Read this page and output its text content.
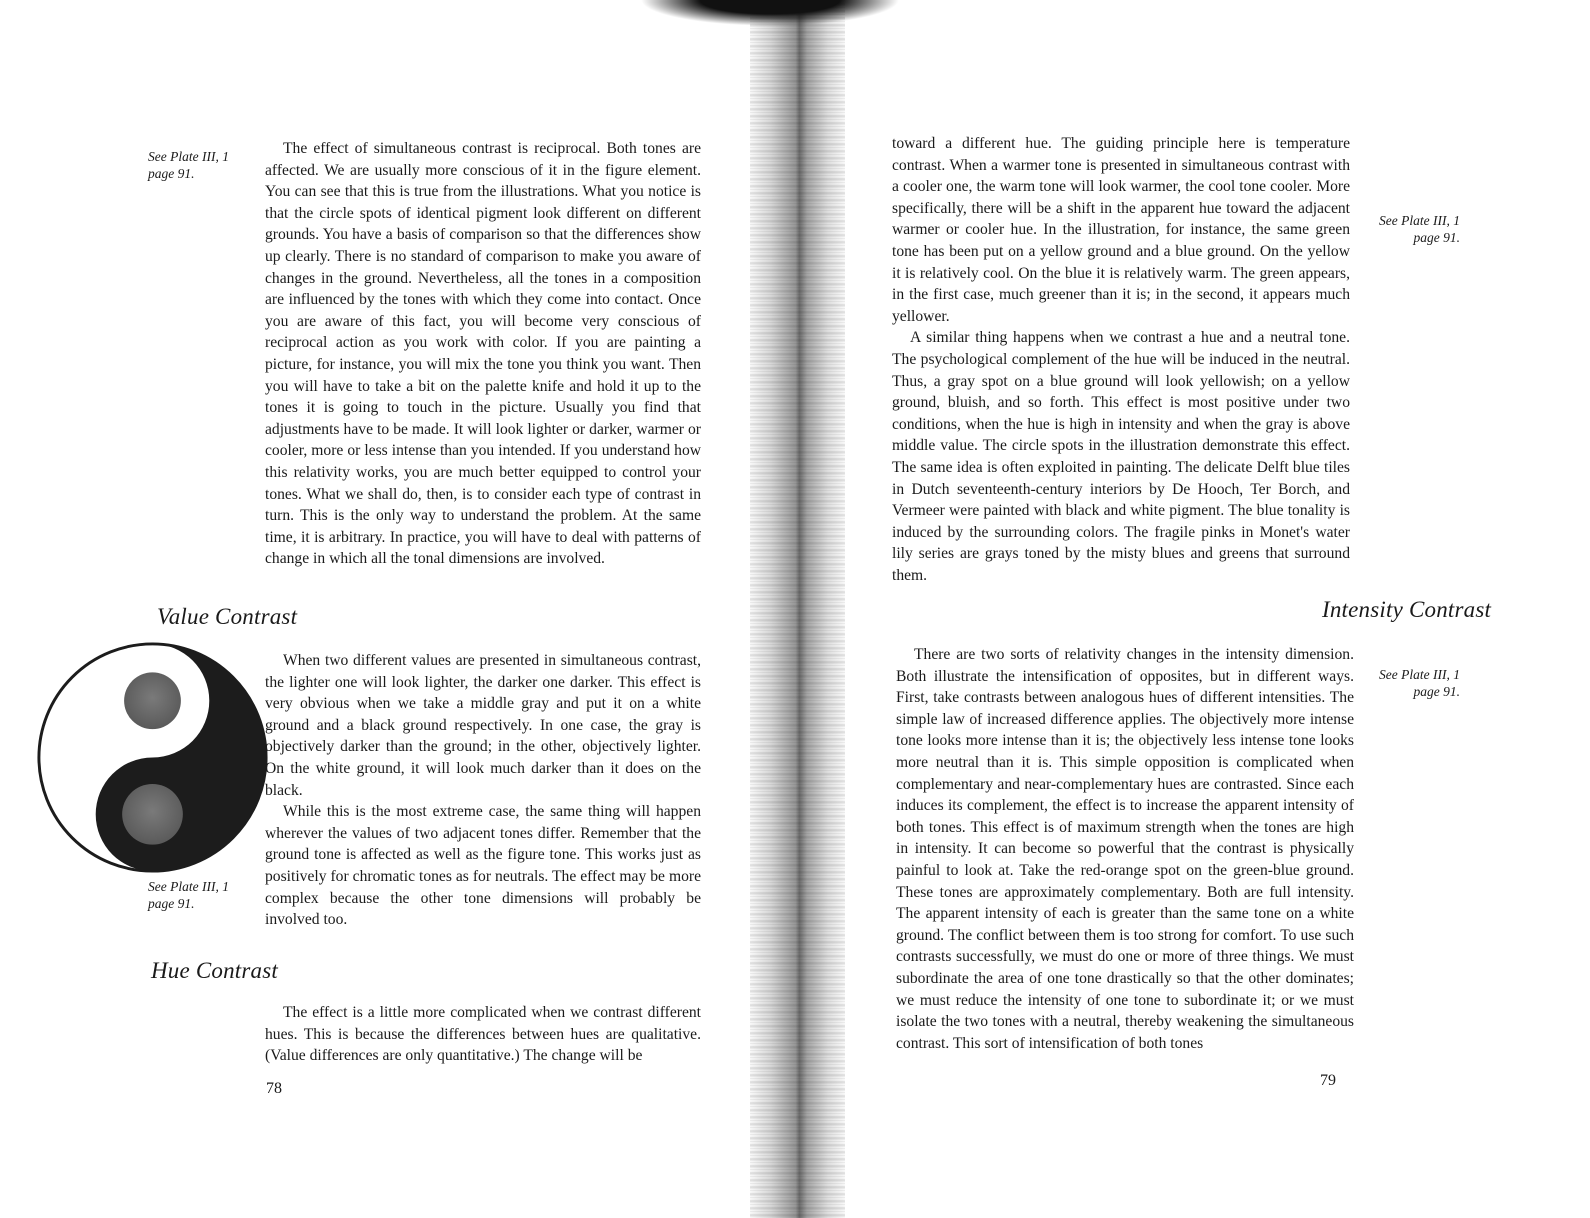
See Plate III, 1
page 91.

The effect of simultaneous contrast is reciprocal. Both tones are affected. We are usually more conscious of it in the figure element. You can see that this is true from the illustrations. What you notice is that the circle spots of identical pigment look different on different grounds. You have a basis of comparison so that the differences show up clearly. There is no standard of comparison to make you aware of changes in the ground. Nevertheless, all the tones in a composition are influenced by the tones with which they come into contact. Once you are aware of this fact, you will become very conscious of reciprocal action as you work with color. If you are painting a picture, for instance, you will mix the tone you think you want. Then you will have to take a bit on the palette knife and hold it up to the tones it is going to touch in the picture. Usually you find that adjustments have to be made. It will look lighter or darker, warmer or cooler, more or less intense than you intended. If you understand how this relativity works, you are much better equipped to control your tones. What we shall do, then, is to consider each type of contrast in turn. This is the only way to understand the problem. At the same time, it is arbitrary. In practice, you will have to deal with patterns of change in which all the tonal dimensions are involved.

Value Contrast

When two different values are presented in simultaneous contrast, the lighter one will look lighter, the darker one darker. This effect is very obvious when we take a middle gray and put it on a white ground and a black ground respectively. In one case, the gray is objectively darker than the ground; in the other, objectively lighter. On the white ground, it will look much darker than it does on the black.

While this is the most extreme case, the same thing will happen wherever the values of two adjacent tones differ. Remember that the ground tone is affected as well as the figure tone. This works just as positively for chromatic tones as for neutrals. The effect may be more complex because the other tone dimensions will probably be involved too.

See Plate III, 1
page 91.
Hue Contrast

The effect is a little more complicated when we contrast different hues. This is because the differences between hues are qualitative. (Value differences are only quantitative.) The change will be

78

toward a different hue. The guiding principle here is temperature contrast. When a warmer tone is presented in simultaneous contrast with a cooler one, the warm tone will look warmer, the cool tone cooler. More specifically, there will be a shift in the apparent hue toward the adjacent warmer or cooler hue. In the illustration, for instance, the same green tone has been put on a yellow ground and a blue ground. On the yellow it is relatively cool. On the blue it is relatively warm. The green appears, in the first case, much greener than it is; in the second, it appears much yellower.

A similar thing happens when we contrast a hue and a neutral tone. The psychological complement of the hue will be induced in the neutral. Thus, a gray spot on a blue ground will look yellowish; on a yellow ground, bluish, and so forth. This effect is most positive under two conditions, when the hue is high in intensity and when the gray is above middle value. The circle spots in the illustration demonstrate this effect. The same idea is often exploited in painting. The delicate Delft blue tiles in Dutch seventeenth-century interiors by De Hooch, Ter Borch, and Vermeer were painted with black and white pigment. The blue tonality is induced by the surrounding colors. The fragile pinks in Monet's water lily series are grays toned by the misty blues and greens that surround them.

See Plate III, 1
page 91.
Intensity Contrast

There are two sorts of relativity changes in the intensity dimension. Both illustrate the intensification of opposites, but in different ways. First, take contrasts between analogous hues of different intensities. The simple law of increased difference applies. The objectively more intense tone looks more intense than it is; the objectively less intense tone looks more neutral than it is. This simple opposition is complicated when complementary and near-complementary hues are contrasted. Since each induces its complement, the effect is to increase the apparent intensity of both tones. This effect is of maximum strength when the tones are high in intensity. It can become so powerful that the contrast is physically painful to look at. Take the red-orange spot on the green-blue ground. These tones are approximately complementary. Both are full intensity. The apparent intensity of each is greater than the same tone on a white ground. The conflict between them is too strong for comfort. To use such contrasts successfully, we must do one or more of three things. We must subordinate the area of one tone drastically so that the other dominates; we must reduce the intensity of one tone to subordinate it; or we must isolate the two tones with a neutral, thereby weakening the simultaneous contrast. This sort of intensification of both tones

See Plate III, 1
page 91.
79
